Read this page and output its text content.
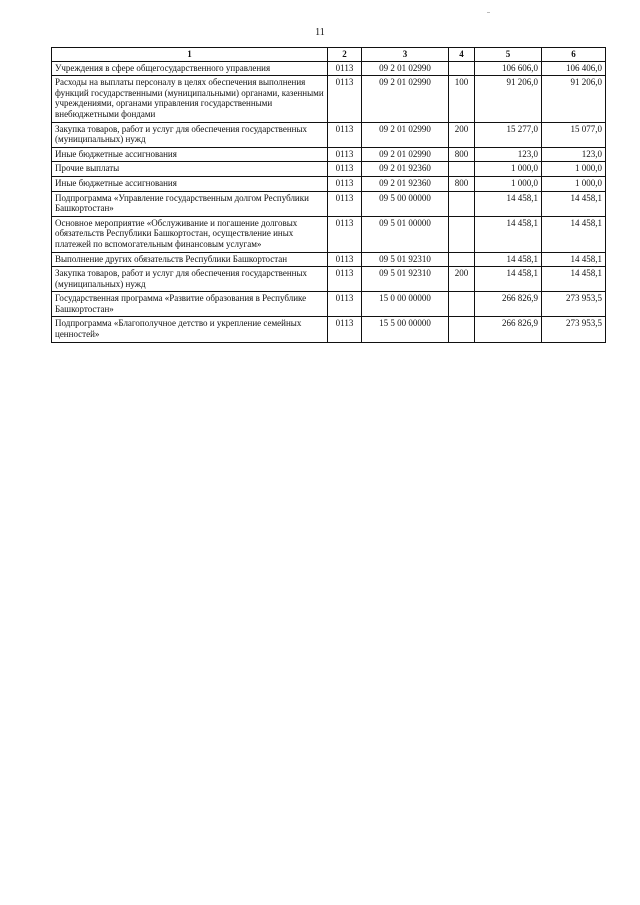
11
1	2	3	4	5	6
Учреждения в сфере общегосударственного управления	0113	09 2 01 02990		106 606,0	106 406,0
Расходы на выплаты персоналу в целях обеспечения выполнения функций государственными (муниципальными) органами, казенными учреждениями, органами управления государственными внебюджетными фондами	0113	09 2 01 02990	100	91 206,0	91 206,0
Закупка товаров, работ и услуг для обеспечения государственных (муниципальных) нужд	0113	09 2 01 02990	200	15 277,0	15 077,0
Иные бюджетные ассигнования	0113	09 2 01 02990	800	123,0	123,0
Прочие выплаты	0113	09 2 01 92360		1 000,0	1 000,0
Иные бюджетные ассигнования	0113	09 2 01 92360	800	1 000,0	1 000,0
Подпрограмма «Управление государственным долгом Республики Башкортостан»	0113	09 5 00 00000		14 458,1	14 458,1
Основное мероприятие «Обслуживание и погашение долговых обязательств Республики Башкортостан, осуществление иных платежей по вспомогательным финансовым услугам»	0113	09 5 01 00000		14 458,1	14 458,1
Выполнение других обязательств Республики Башкортостан	0113	09 5 01 92310		14 458,1	14 458,1
Закупка товаров, работ и услуг для обеспечения государственных (муниципальных) нужд	0113	09 5 01 92310	200	14 458,1	14 458,1
Государственная программа «Развитие образования в Республике Башкортостан»	0113	15 0 00 00000		266 826,9	273 953,5
Подпрограмма «Благополучное детство и укрепление семейных ценностей»	0113	15 5 00 00000		266 826,9	273 953,5
